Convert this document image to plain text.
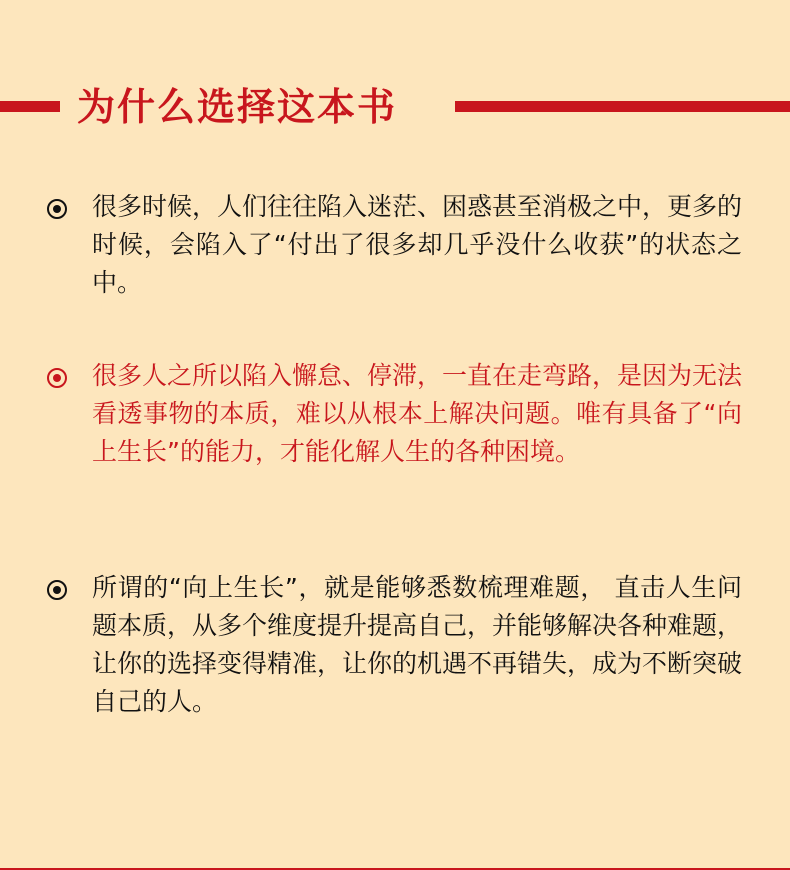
为什么选择这本书
很多时候，人们往往陷入迷茫、困惑甚至消极之中，更多的时候，会陷入了“付出了很多却几乎没什么收获”的状态之中。
很多人之所以陷入懈怠、停滞，一直在走弯路，是因为无法看透事物的本质，难以从根本上解决问题。唯有具备了“向上生长”的能力，才能化解人生的各种困境。
所谓的“向上生长”，就是能够悉数梳理难题， 直击人生问题本质，从多个维度提升提高自己，并能够解决各种难题，让你的选择变得精准，让你的机遇不再错失，成为不断突破自己的人。
